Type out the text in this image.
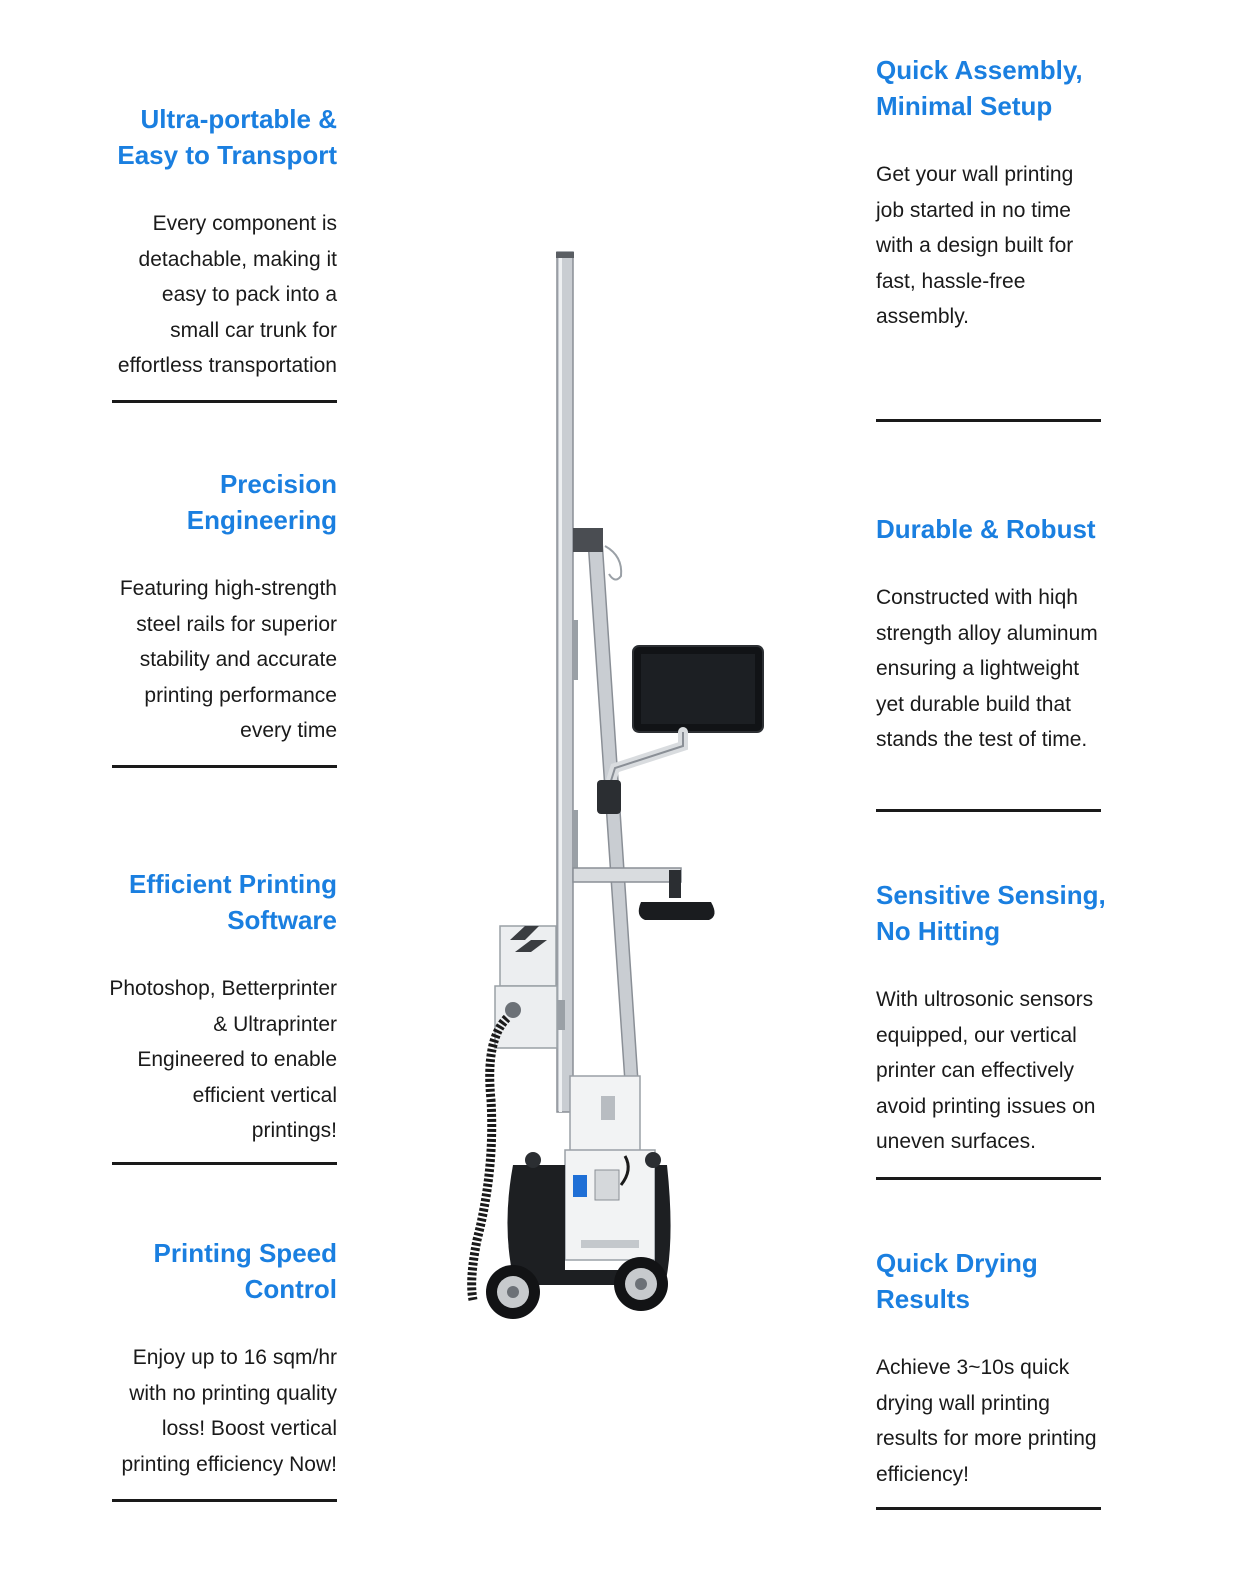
Ultra-portable &
Easy to Transport

Every component is
detachable, making it
easy to pack into a
small car trunk for
effortless transportation

Precision
Engineering

Featuring high-strength
steel rails for superior
stability and accurate
printing performance
every time

Efficient Printing
Software

Photoshop, Betterprinter
& Ultraprinter
Engineered to enable
efficient vertical
printings!

Printing Speed
Control

Enjoy up to 16 sqm/hr
with no printing quality
loss! Boost vertical
printing efficiency Now!

Quick Assembly,
Minimal Setup

Get your wall printing
job started in no time
with a design built for
fast, hassle-free
assembly.

Durable & Robust

Constructed with hiqh
strength alloy aluminum
ensuring a lightweight
yet durable build that
stands the test of time.

Sensitive Sensing,
No Hitting

With ultrosonic sensors
equipped, our vertical
printer can effectively
avoid printing issues on
uneven surfaces.

Quick Drying
Results

Achieve 3~10s quick
drying wall printing
results for more printing
efficiency!
